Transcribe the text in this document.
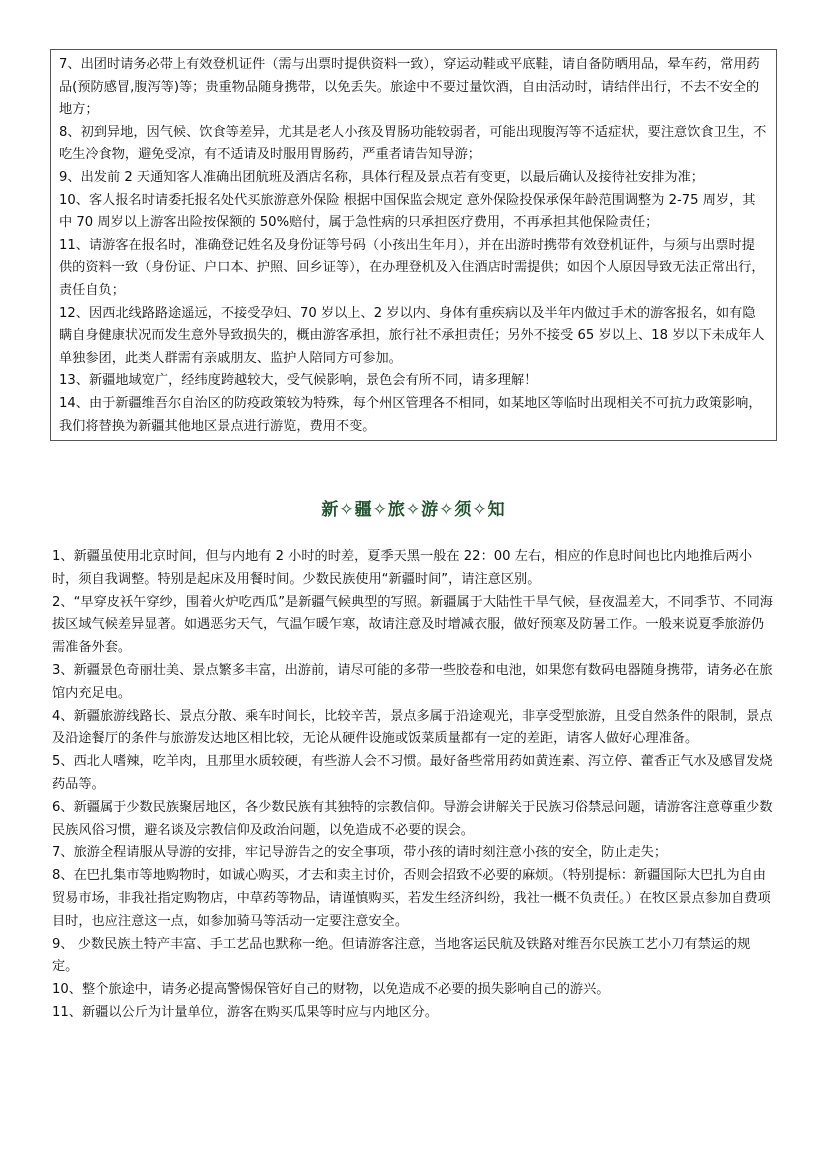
7、出团时请务必带上有效登机证件（需与出票时提供资料一致），穿运动鞋或平底鞋，请自备防晒用品，晕车药，常用药品(预防感冒,腹泻等)等；贵重物品随身携带，以免丢失。旅途中不要过量饮酒，自由活动时，请结伴出行，不去不安全的地方；

8、初到异地，因气候、饮食等差异，尤其是老人小孩及胃肠功能较弱者，可能出现腹泻等不适症状，要注意饮食卫生，不吃生冷食物，避免受凉，有不适请及时服用胃肠药，严重者请告知导游；

9、出发前 2 天通知客人准确出团航班及酒店名称，具体行程及景点若有变更，以最后确认及接待社安排为准；

10、客人报名时请委托报名处代买旅游意外保险 根据中国保监会规定 意外保险投保承保年龄范围调整为 2-75 周岁，其中 70 周岁以上游客出险按保额的 50%赔付，属于急性病的只承担医疗费用，不再承担其他保险责任；

11、请游客在报名时，准确登记姓名及身份证等号码（小孩出生年月），并在出游时携带有效登机证件，与须与出票时提供的资料一致（身份证、户口本、护照、回乡证等），在办理登机及入住酒店时需提供；如因个人原因导致无法正常出行，责任自负；

12、因西北线路路途遥远，不接受孕妇、70 岁以上、2 岁以内、身体有重疾病以及半年内做过手术的游客报名，如有隐瞒自身健康状况而发生意外导致损失的，概由游客承担，旅行社不承担责任；另外不接受 65 岁以上、18 岁以下未成年人单独参团，此类人群需有亲戚朋友、监护人陪同方可参加。

13、新疆地域宽广，经纬度跨越较大，受气候影响，景色会有所不同，请多理解！

14、由于新疆维吾尔自治区的防疫政策较为特殊，每个州区管理各不相同，如某地区等临时出现相关不可抗力政策影响，我们将替换为新疆其他地区景点进行游览，费用不变。

新✧疆✧旅✧游✧须✧知

1、新疆虽使用北京时间，但与内地有 2 小时的时差，夏季天黑一般在 22：00 左右，相应的作息时间也比内地推后两小时，须自我调整。特别是起床及用餐时间。少数民族使用“新疆时间”，请注意区别。

2、“早穿皮袄午穿纱，围着火炉吃西瓜”是新疆气候典型的写照。新疆属于大陆性干旱气候，昼夜温差大，不同季节、不同海拔区域气候差异显著。如遇恶劣天气，气温乍暖乍寒，故请注意及时增减衣服，做好预寒及防暑工作。一般来说夏季旅游仍需准备外套。

3、新疆景色奇丽壮美、景点繁多丰富，出游前，请尽可能的多带一些胶卷和电池，如果您有数码电器随身携带，请务必在旅馆内充足电。

4、新疆旅游线路长、景点分散、乘车时间长，比较辛苦，景点多属于沿途观光，非享受型旅游，且受自然条件的限制，景点及沿途餐厅的条件与旅游发达地区相比较，无论从硬件设施或饭菜质量都有一定的差距，请客人做好心理准备。

5、西北人嗜辣，吃羊肉，且那里水质较硬，有些游人会不习惯。最好备些常用药如黄连素、泻立停、藿香正气水及感冒发烧药品等。

6、新疆属于少数民族聚居地区，各少数民族有其独特的宗教信仰。导游会讲解关于民族习俗禁忌问题，请游客注意尊重少数民族风俗习惯，避名谈及宗教信仰及政治问题，以免造成不必要的误会。

7、旅游全程请服从导游的安排，牢记导游告之的安全事项，带小孩的请时刻注意小孩的安全，防止走失；

8、在巴扎集市等地购物时，如诚心购买，才去和卖主讨价，否则会招致不必要的麻烦。（特别提标：新疆国际大巴扎为自由贸易市场，非我社指定购物店，中草药等物品，请谨慎购买，若发生经济纠纷，我社一概不负责任。）在牧区景点参加自费项目时，也应注意这一点，如参加骑马等活动一定要注意安全。

9、 少数民族土特产丰富、手工艺品也默称一绝。但请游客注意，当地客运民航及铁路对维吾尔民族工艺小刀有禁运的规定。

10、整个旅途中，请务必提高警惕保管好自己的财物，以免造成不必要的损失影响自己的游兴。

11、新疆以公斤为计量单位，游客在购买瓜果等时应与内地区分。
